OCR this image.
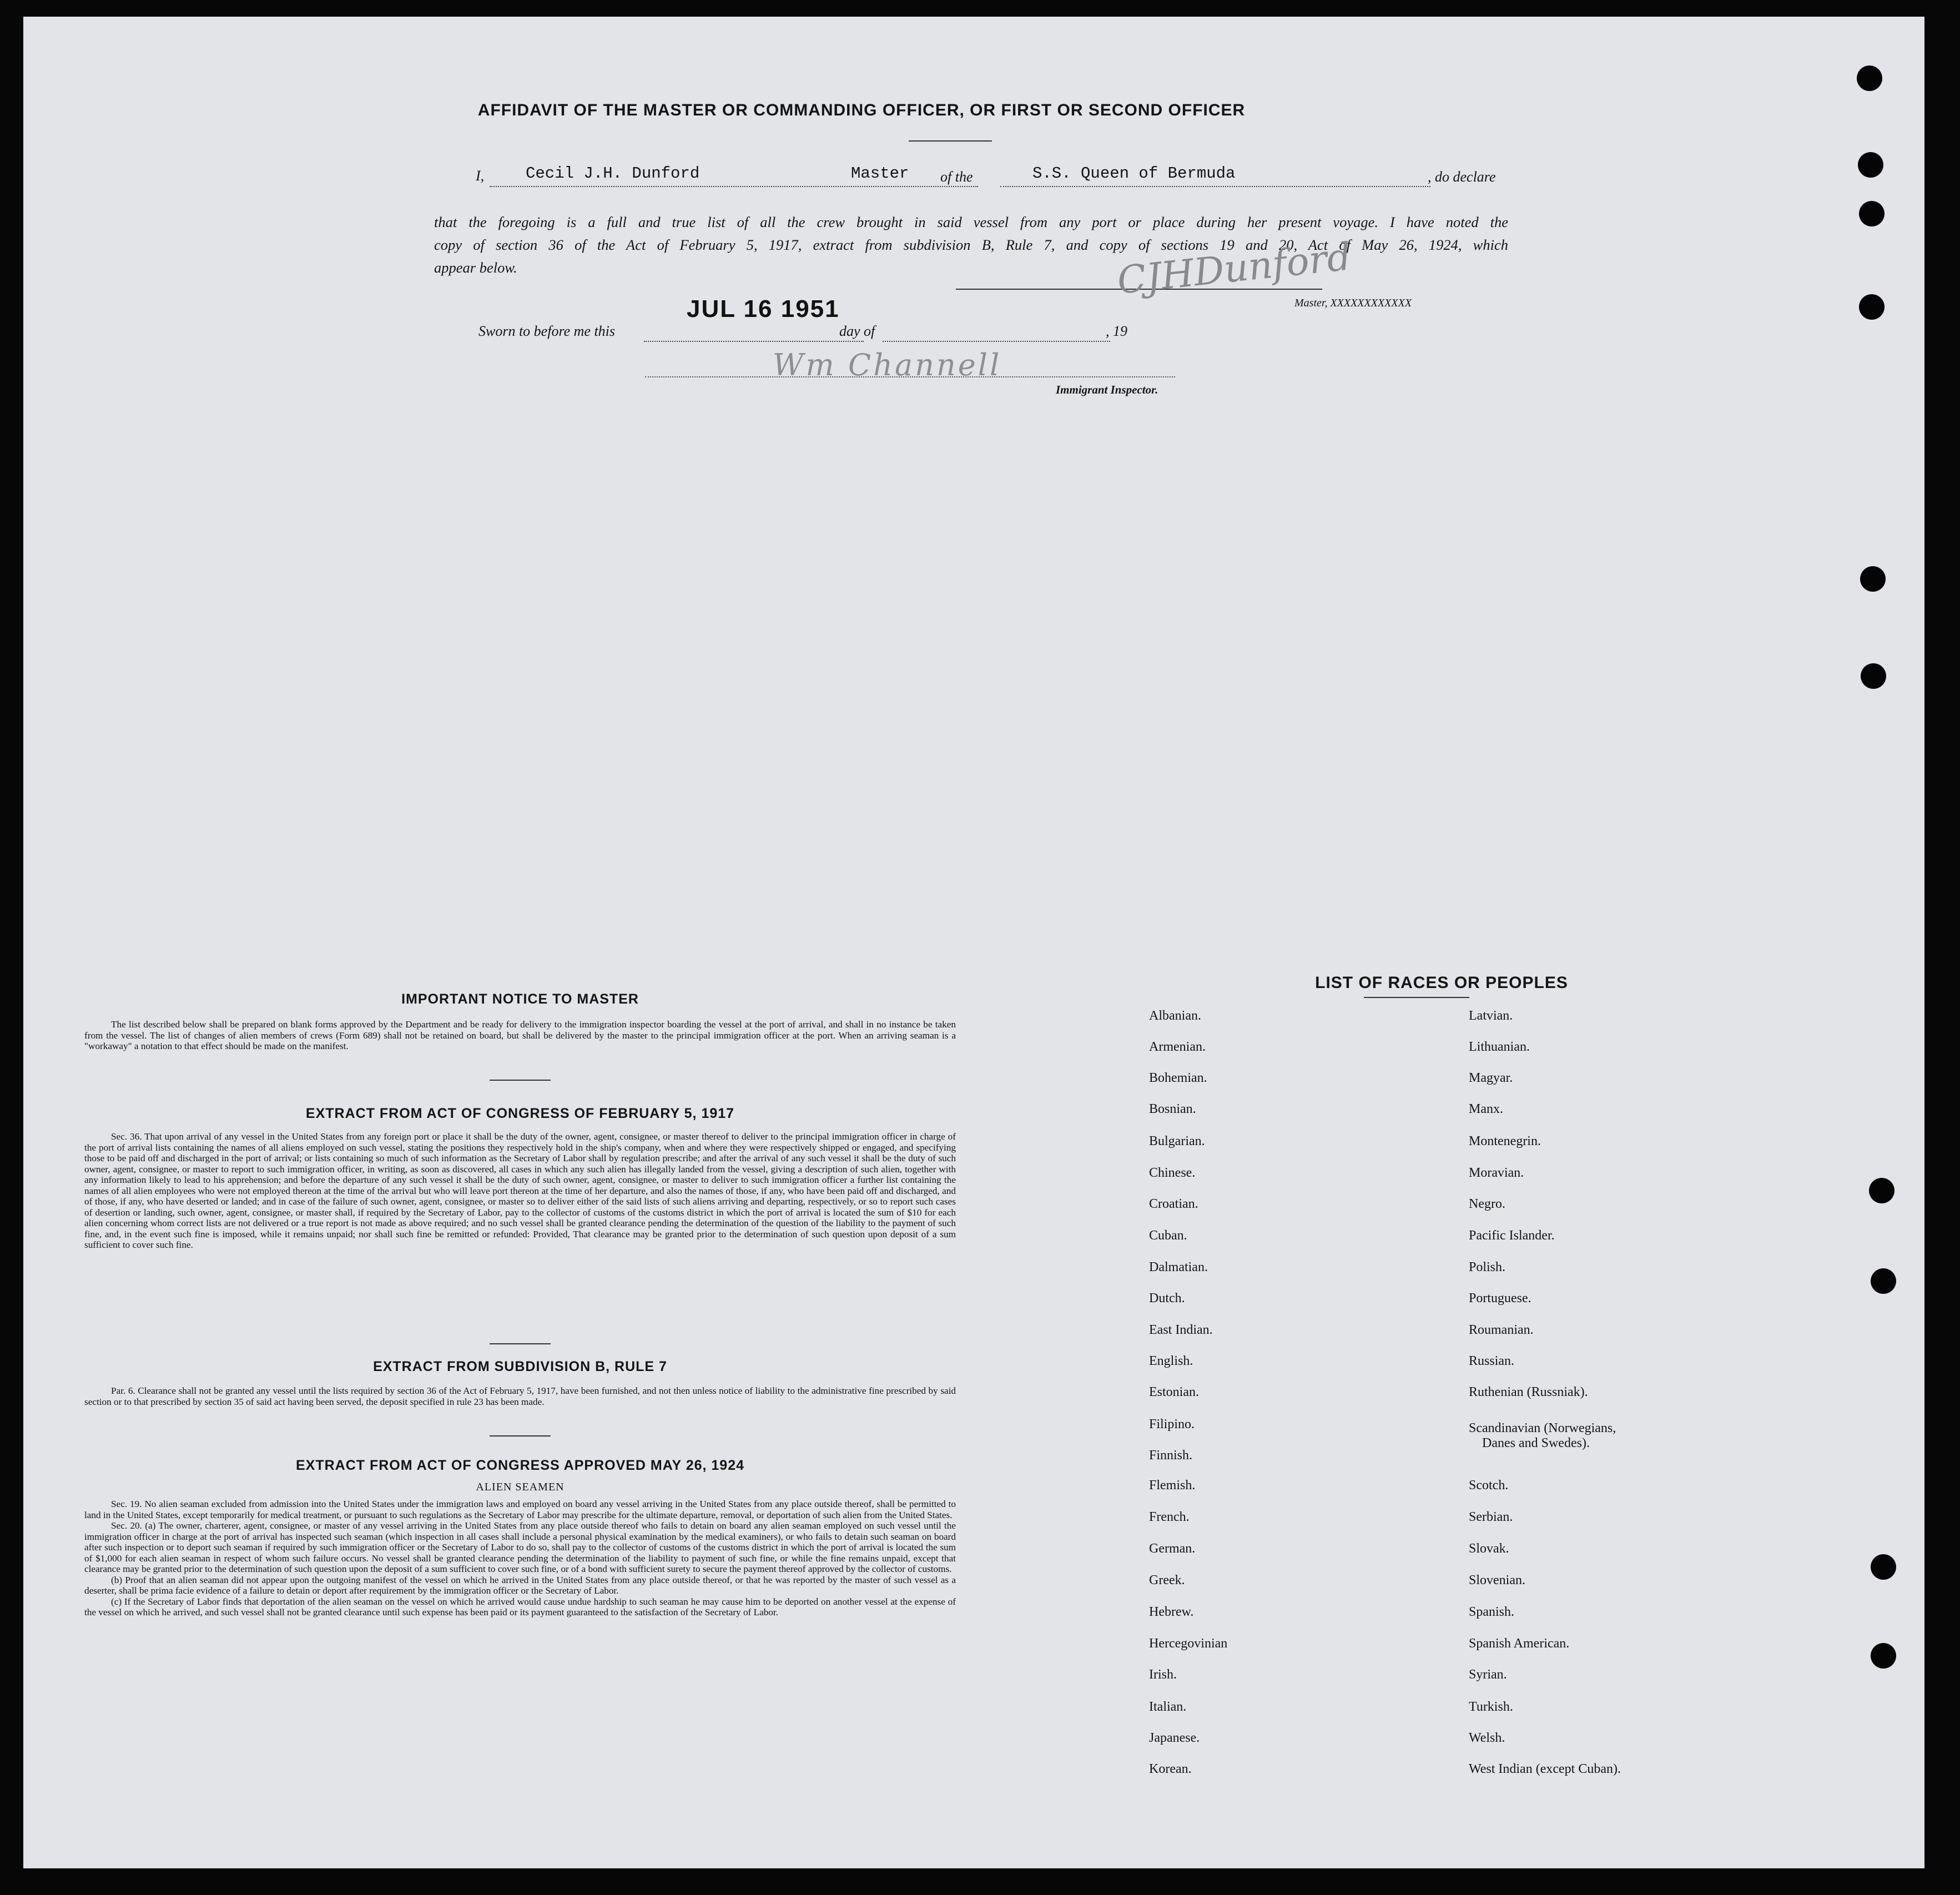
AFFIDAVIT OF THE MASTER OR COMMANDING OFFICER, OR FIRST OR SECOND OFFICER
I,	Cecil J.H. Dunford	Master of the	S.S. Queen of Bermuda	, do declare
that the foregoing is a full and true list of all the crew brought in said vessel from any port or place during her present voyage. I have noted the
copy of section 36 of the Act of February 5, 1917, extract from subdivision B, Rule 7, and copy of sections 19 and 20, Act of May 26, 1924, which
appear below.	CJHDunford
Master, XXXXXXXXXXXX
Sworn to before me this
JUL 16 1951
day of	, 19
Wm Channell
Immigrant Inspector.
IMPORTANT NOTICE TO MASTER
The list described below shall be prepared on blank forms approved by the Department and be ready for delivery to the immigration inspector boarding the vessel at the port of arrival, and shall in no instance be taken from the vessel. The list of changes of alien members of crews (Form 689) shall not be retained on board, but shall be delivered by the master to the principal immigration officer at the port. When an arriving seaman is a "workaway" a notation to that effect should be made on the manifest.
EXTRACT FROM ACT OF CONGRESS OF FEBRUARY 5, 1917
Sec. 36. That upon arrival of any vessel in the United States from any foreign port or place it shall be the duty of the owner, agent, consignee, or master thereof to deliver to the principal immigration officer in charge of the port of arrival lists containing the names of all aliens employed on such vessel, stating the positions they respectively hold in the ship's company, when and where they were respectively shipped or engaged, and specifying those to be paid off and discharged in the port of arrival; or lists containing so much of such information as the Secretary of Labor shall by regulation prescribe; and after the arrival of any such vessel it shall be the duty of such owner, agent, consignee, or master to report to such immigration officer, in writing, as soon as discovered, all cases in which any such alien has illegally landed from the vessel, giving a description of such alien, together with any information likely to lead to his apprehension; and before the departure of any such vessel it shall be the duty of such owner, agent, consignee, or master to deliver to such immigration officer a further list containing the names of all alien employees who were not employed thereon at the time of the arrival but who will leave port thereon at the time of her departure, and also the names of those, if any, who have been paid off and discharged, and of those, if any, who have deserted or landed; and in case of the failure of such owner, agent, consignee, or master so to deliver either of the said lists of such aliens arriving and departing, respectively, or so to report such cases of desertion or landing, such owner, agent, consignee, or master shall, if required by the Secretary of Labor, pay to the collector of customs of the customs district in which the port of arrival is located the sum of $10 for each alien concerning whom correct lists are not delivered or a true report is not made as above required; and no such vessel shall be granted clearance pending the determination of the question of the liability to the payment of such fine, and, in the event such fine is imposed, while it remains unpaid; nor shall such fine be remitted or refunded: Provided, That clearance may be granted prior to the determination of such question upon deposit of a sum sufficient to cover such fine.
EXTRACT FROM SUBDIVISION B, RULE 7
Par. 6. Clearance shall not be granted any vessel until the lists required by section 36 of the Act of February 5, 1917, have been furnished, and not then unless notice of liability to the administrative fine prescribed by said section or to that prescribed by section 35 of said act having been served, the deposit specified in rule 23 has been made.
EXTRACT FROM ACT OF CONGRESS APPROVED MAY 26, 1924
ALIEN SEAMEN

Sec. 19. No alien seaman excluded from admission into the United States under the immigration laws and employed on board any vessel arriving in the United States from any place outside thereof, shall be permitted to land in the United States, except temporarily for medical treatment, or pursuant to such regulations as the Secretary of Labor may prescribe for the ultimate departure, removal, or deportation of such alien from the United States.

Sec. 20. (a) The owner, charterer, agent, consignee, or master of any vessel arriving in the United States from any place outside thereof who fails to detain on board any alien seaman employed on such vessel until the immigration officer in charge at the port of arrival has inspected such seaman (which inspection in all cases shall include a personal physical examination by the medical examiners), or who fails to detain such seaman on board after such inspection or to deport such seaman if required by such immigration officer or the Secretary of Labor to do so, shall pay to the collector of customs of the customs district in which the port of arrival is located the sum of $1,000 for each alien seaman in respect of whom such failure occurs. No vessel shall be granted clearance pending the determination of the liability to payment of such fine, or while the fine remains unpaid, except that clearance may be granted prior to the determination of such question upon the deposit of a sum sufficient to cover such fine, or of a bond with sufficient surety to secure the payment thereof approved by the collector of customs.

(b) Proof that an alien seaman did not appear upon the outgoing manifest of the vessel on which he arrived in the United States from any place outside thereof, or that he was reported by the master of such vessel as a deserter, shall be prima facie evidence of a failure to detain or deport after requirement by the immigration officer or the Secretary of Labor.

(c) If the Secretary of Labor finds that deportation of the alien seaman on the vessel on which he arrived would cause undue hardship to such seaman he may cause him to be deported on another vessel at the expense of the vessel on which he arrived, and such vessel shall not be granted clearance until such expense has been paid or its payment guaranteed to the satisfaction of the Secretary of Labor.

LIST OF RACES OR PEOPLES
Albanian.
Armenian.
Bohemian.
Bosnian.
Bulgarian.
Chinese.
Croatian.
Cuban.
Dalmatian.
Dutch.
East Indian.
English.
Estonian.
Filipino.
Finnish.
Flemish.
French.
German.
Greek.
Hebrew.
Hercegovinian
Irish.
Italian.
Japanese.
Korean.
Latvian.
Lithuanian.
Magyar.
Manx.
Montenegrin.
Moravian.
Negro.
Pacific Islander.
Polish.
Portuguese.
Roumanian.
Russian.
Ruthenian (Russniak).
Scandinavian (Norwegians,
Danes and Swedes).
Scotch.
Serbian.
Slovak.
Slovenian.
Spanish.
Spanish American.
Syrian.
Turkish.
Welsh.
West Indian (except Cuban).
